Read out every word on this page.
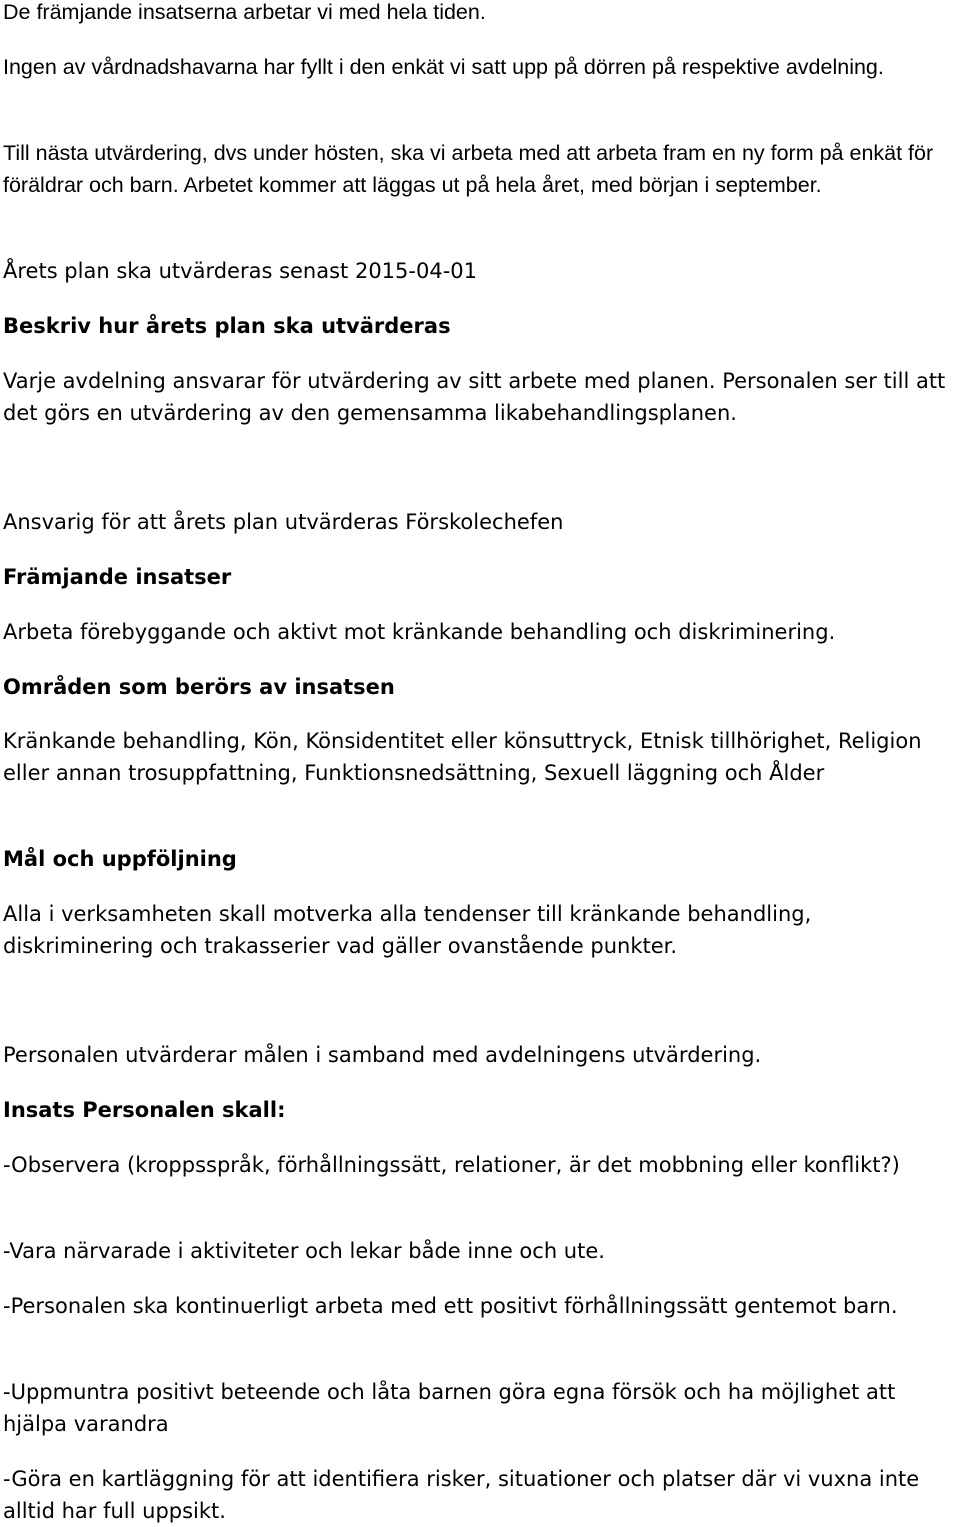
De främjande insatserna arbetar vi med hela tiden.

Ingen av vårdnadshavarna har fyllt i den enkät vi satt upp på dörren på respektive avdelning.

Till nästa utvärdering, dvs under hösten, ska vi arbeta med att arbeta fram en ny form på enkät för föräldrar och barn. Arbetet kommer att läggas ut på hela året, med början i september.

Årets plan ska utvärderas senast 2015-04-01

Beskriv hur årets plan ska utvärderas

Varje avdelning ansvarar för utvärdering av sitt arbete med planen. Personalen ser till att det görs en utvärdering av den gemensamma likabehandlingsplanen.

Ansvarig för att årets plan utvärderas Förskolechefen

Främjande insatser

Arbeta förebyggande och aktivt mot kränkande behandling och diskriminering.

Områden som berörs av insatsen

Kränkande behandling, Kön, Könsidentitet eller könsuttryck, Etnisk tillhörighet, Religion eller annan trosuppfattning, Funktionsnedsättning, Sexuell läggning och Ålder

Mål och uppföljning

Alla i verksamheten skall motverka alla tendenser till kränkande behandling, diskriminering och trakasserier vad gäller ovanstående punkter.

Personalen utvärderar målen i samband med avdelningens utvärdering.

Insats Personalen skall:

-Observera (kroppsspråk, förhållningssätt, relationer, är det mobbning eller konflikt?)

-Vara närvarade i aktiviteter och lekar både inne och ute.

-Personalen ska kontinuerligt arbeta med ett positivt förhållningssätt gentemot barn.

-Uppmuntra positivt beteende och låta barnen göra egna försök och ha möjlighet att hjälpa varandra

-Göra en kartläggning för att identifiera risker, situationer och platser där vi vuxna inte alltid har full uppsikt.
